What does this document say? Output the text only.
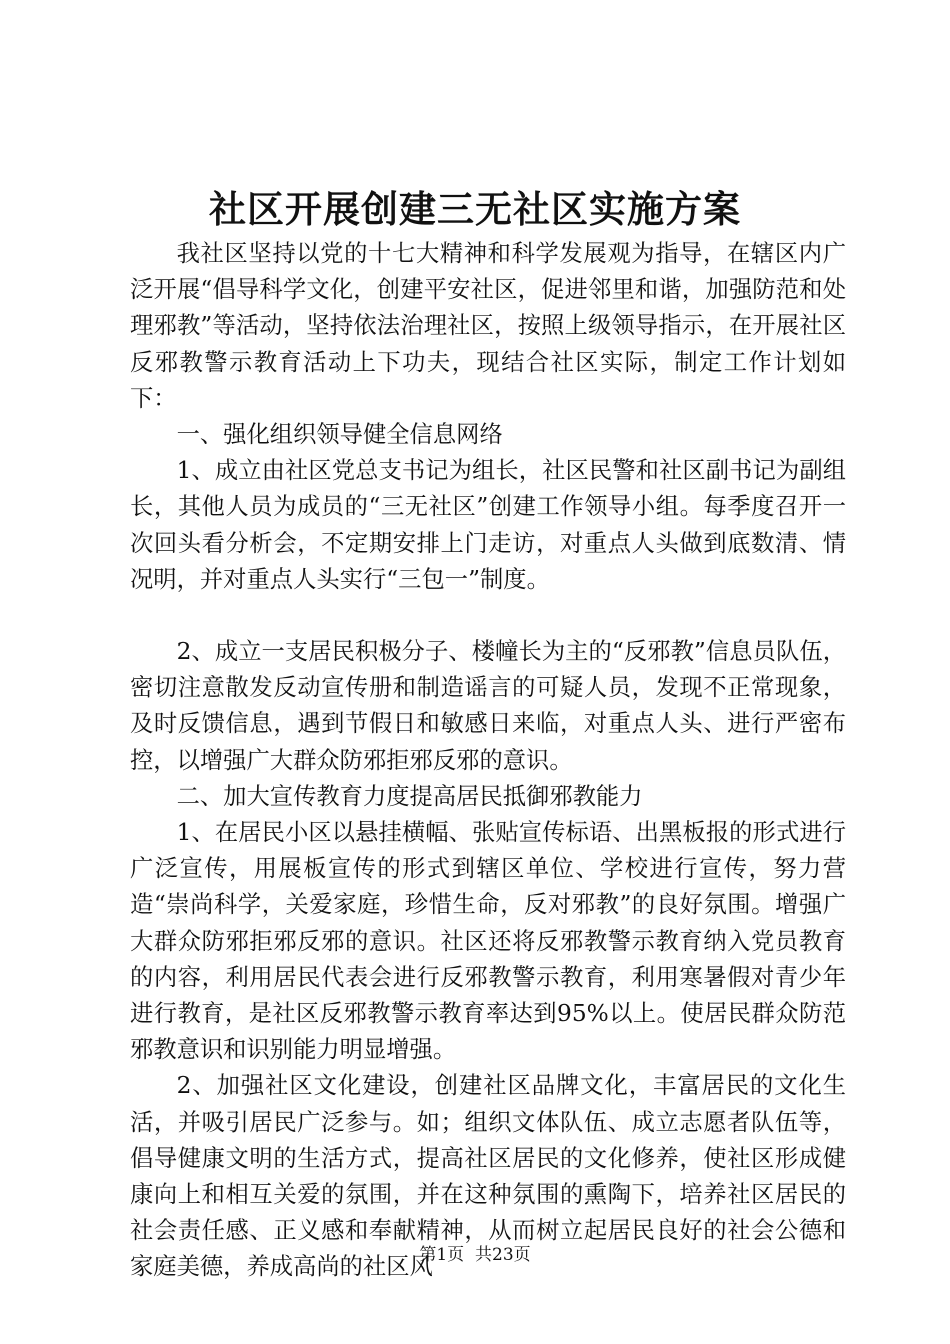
社区开展创建三无社区实施方案

我社区坚持以党的十七大精神和科学发展观为指导，在辖区内广泛开展“倡导科学文化，创建平安社区，促进邻里和谐，加强防范和处理邪教”等活动，坚持依法治理社区，按照上级领导指示，在开展社区反邪教警示教育活动上下功夫，现结合社区实际，制定工作计划如下：

一、强化组织领导健全信息网络

1、成立由社区党总支书记为组长，社区民警和社区副书记为副组长，其他人员为成员的“三无社区”创建工作领导小组。每季度召开一次回头看分析会，不定期安排上门走访，对重点人头做到底数清、情况明，并对重点人头实行“三包一”制度。

2、成立一支居民积极分子、楼幢长为主的“反邪教”信息员队伍，密切注意散发反动宣传册和制造谣言的可疑人员，发现不正常现象，及时反馈信息，遇到节假日和敏感日来临，对重点人头、进行严密布控，以增强广大群众防邪拒邪反邪的意识。

二、加大宣传教育力度提高居民抵御邪教能力

1、在居民小区以悬挂横幅、张贴宣传标语、出黑板报的形式进行广泛宣传，用展板宣传的形式到辖区单位、学校进行宣传，努力营造“崇尚科学，关爱家庭，珍惜生命，反对邪教”的良好氛围。增强广大群众防邪拒邪反邪的意识。社区还将反邪教警示教育纳入党员教育的内容，利用居民代表会进行反邪教警示教育，利用寒暑假对青少年进行教育，是社区反邪教警示教育率达到95%以上。使居民群众防范邪教意识和识别能力明显增强。

2、加强社区文化建设，创建社区品牌文化，丰富居民的文化生活，并吸引居民广泛参与。如；组织文体队伍、成立志愿者队伍等，倡导健康文明的生活方式，提高社区居民的文化修养，使社区形成健康向上和相互关爱的氛围，并在这种氛围的熏陶下，培养社区居民的社会责任感、正义感和奉献精神，从而树立起居民良好的社会公德和家庭美德，养成高尚的社区风

第1页 共23页
